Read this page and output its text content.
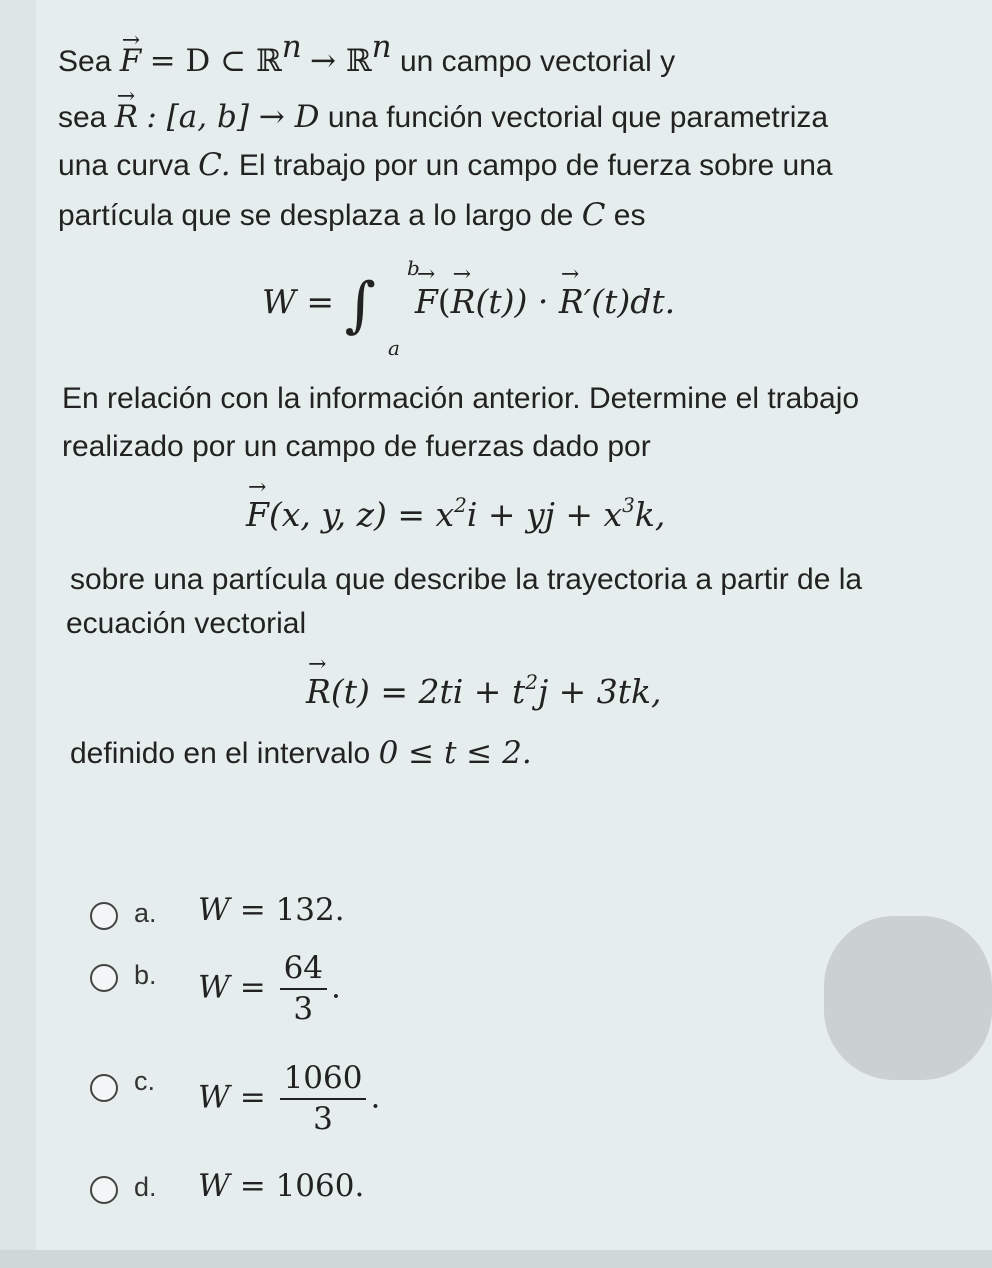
Sea → F = D ⊂ ℝ$^n$ → ℝ$^n$ un campo vectorial y
sea → R : [a, b] → D una función vectorial que parametriza
una curva C. El trabajo por un campo de fuerza sobre una
partícula que se desplaza a lo largo de C es
W = ∫
b
a
→ F(→ R(t)) · → R′(t)dt.
En relación con la información anterior. Determine el trabajo
realizado por un campo de fuerzas dado por
→ F(x, y, $z) = x^2i$ + yj + $x^3k$,
sobre una partícula que describe la trayectoria a partir de la
ecuación vectorial
→ $R(t) = 2ti + t^2j + 3tk$,
definido en el intervalo 0 ≤ t ≤ 2.
a. W = 132.
b. $W = \frac{64}{3}$ .
c. $W = \frac{1060}{3}$ .
d. W = 1060.
